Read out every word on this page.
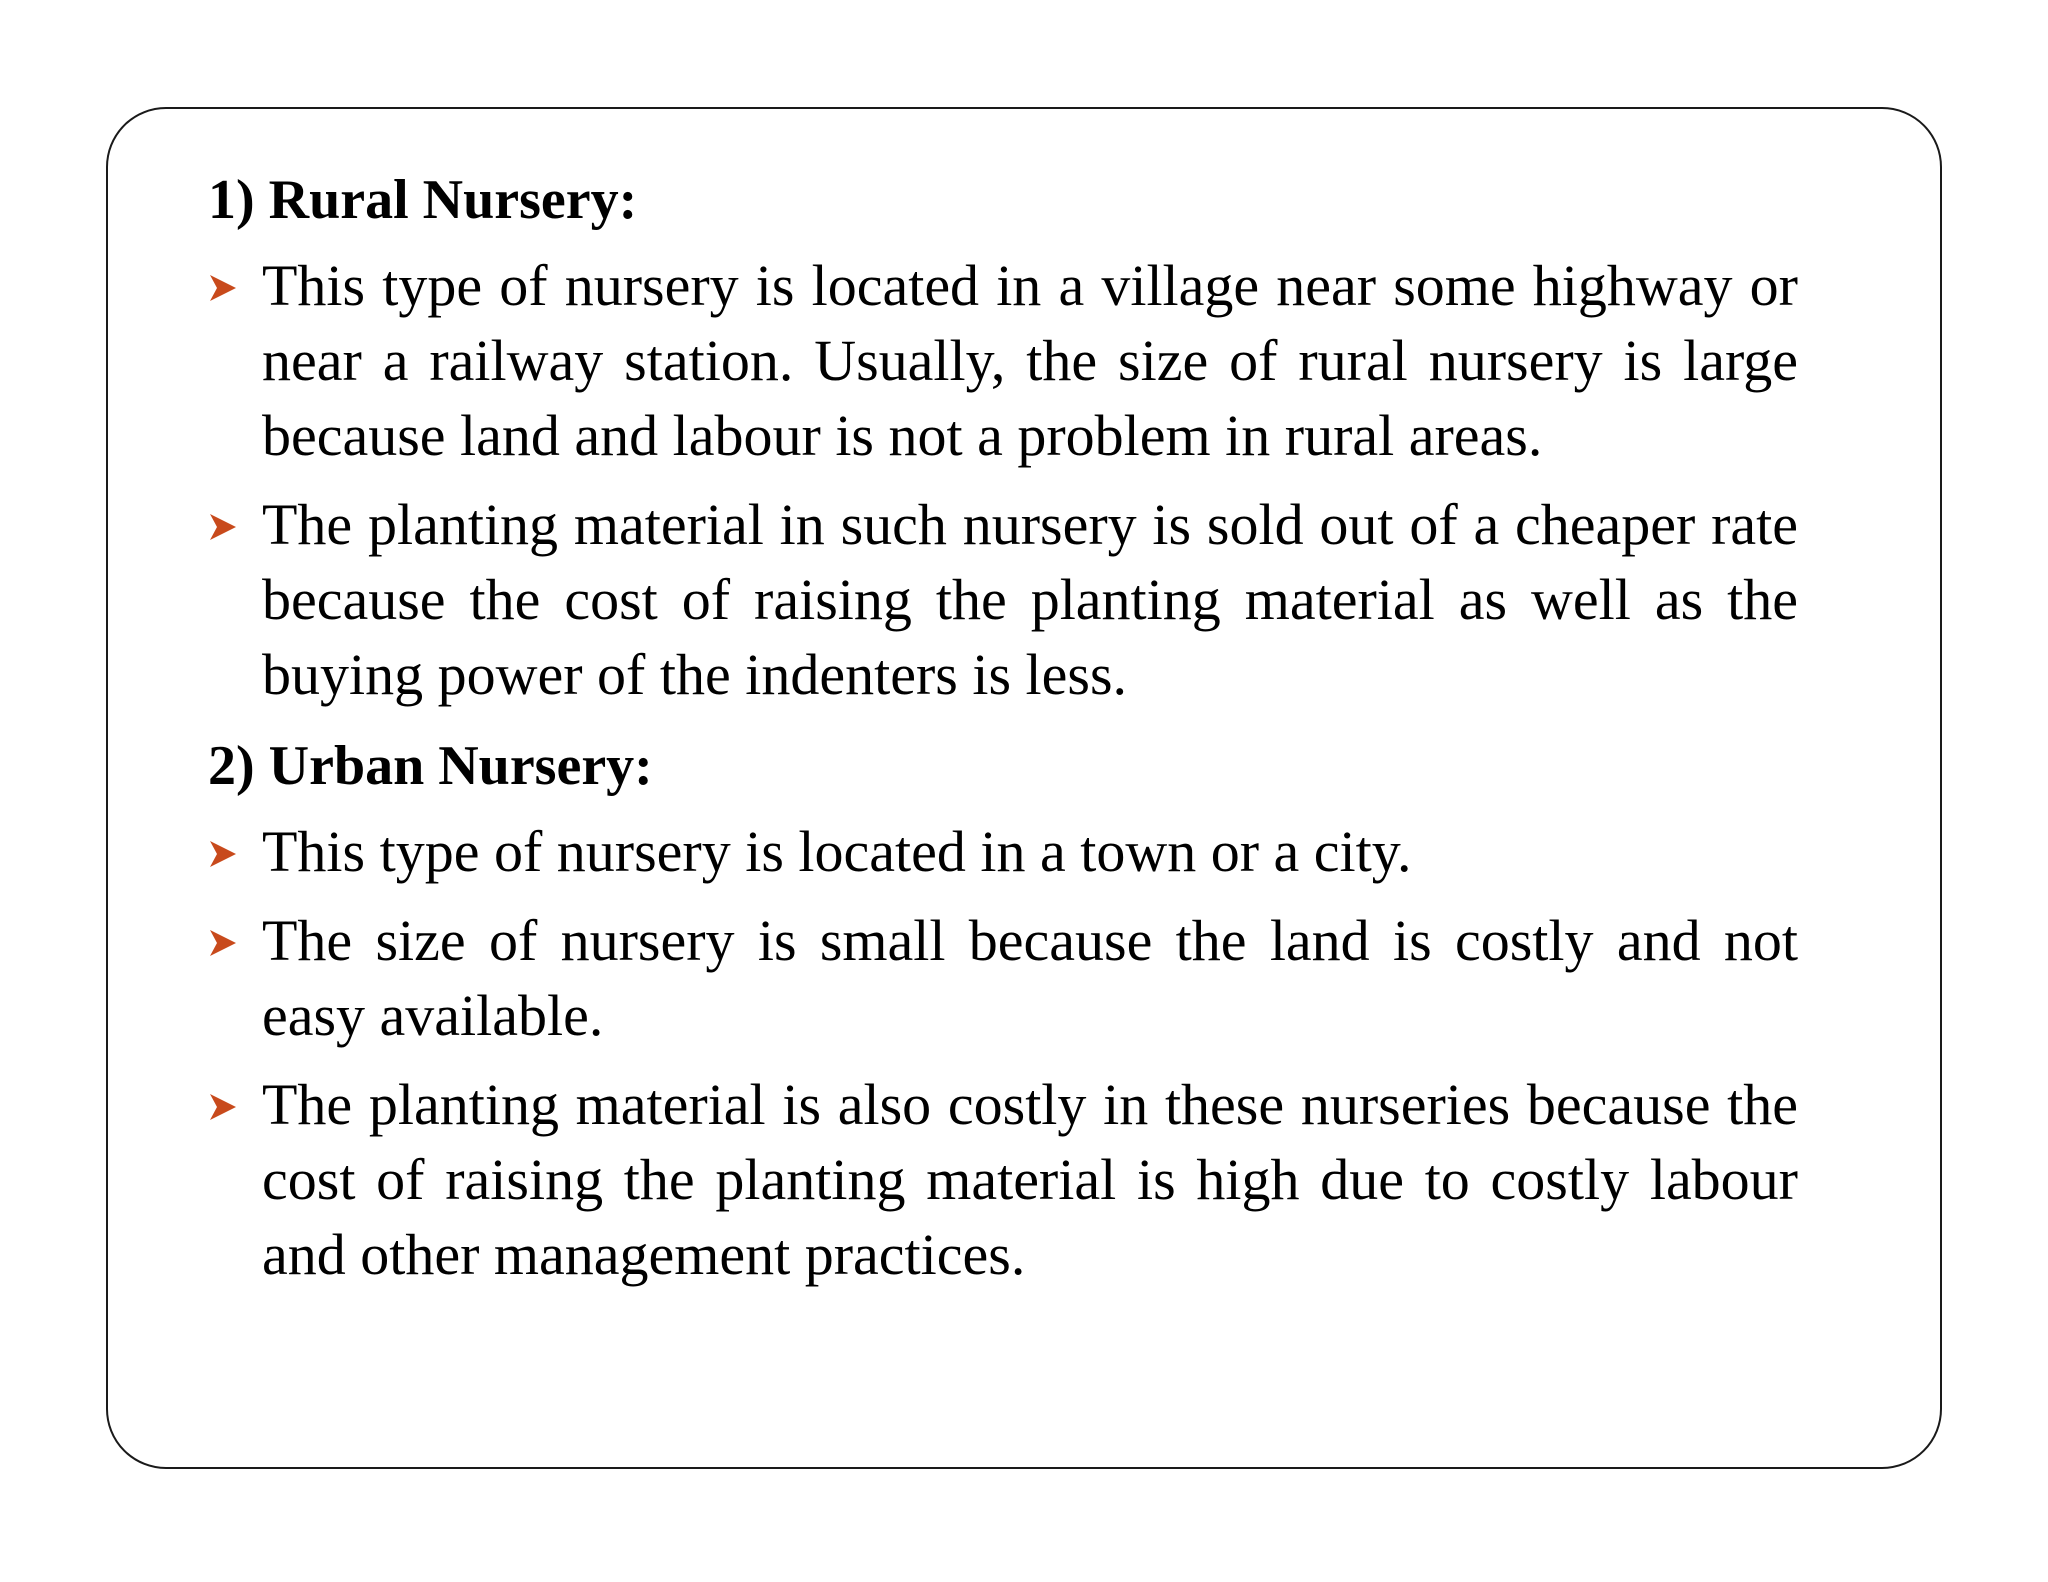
1) Rural Nursery:
This type of nursery is located in a village near some highway or near a railway station. Usually, the size of rural nursery is large because land and labour is not a problem in rural areas.
The planting material in such nursery is sold out of a cheaper rate because the cost of raising the planting material as well as the buying power of the indenters is less.
2) Urban Nursery:
This type of nursery is located in a town or a city.
The size of nursery is small because the land is costly and not easy available.
The planting material is also costly in these nurseries because the cost of raising the planting material is high due to costly labour and other management practices.
